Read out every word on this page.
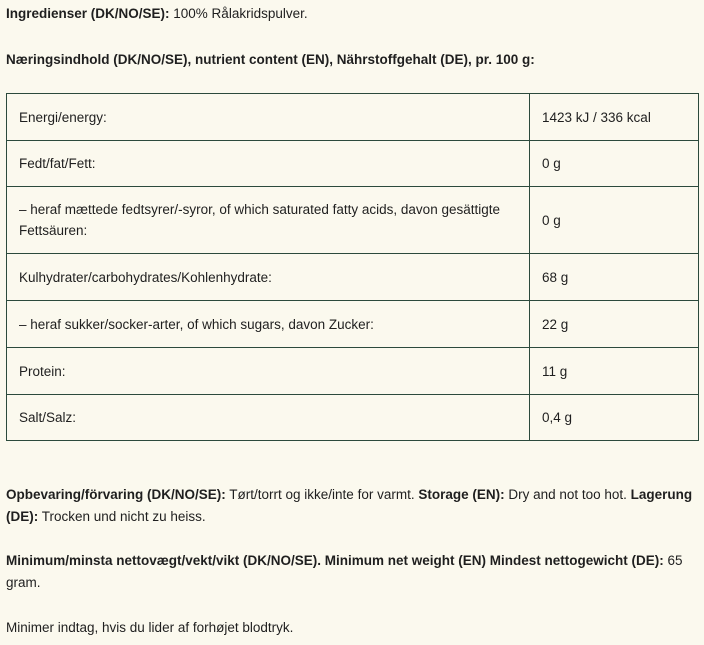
Ingredienser (DK/NO/SE): 100% Rålakridspulver.
Næringsindhold (DK/NO/SE), nutrient content (EN), Nährstoffgehalt (DE), pr. 100 g:
Energi/energy:	1423 kJ / 336 kcal
Fedt/fat/Fett:	0 g
– heraf mættede fedtsyrer/-syror, of which saturated fatty acids, davon gesättigte Fettsäuren:	0 g
Kulhydrater/carbohydrates/Kohlenhydrate:	68 g
– heraf sukker/socker-arter, of which sugars, davon Zucker:	22 g
Protein:	11 g
Salt/Salz:	0,4 g
Opbevaring/förvaring (DK/NO/SE): Tørt/torrt og ikke/inte for varmt. Storage (EN): Dry and not too hot. Lagerung (DE): Trocken und nicht zu heiss.
Minimum/minsta nettovægt/vekt/vikt (DK/NO/SE). Minimum net weight (EN) Mindest nettogewicht (DE): 65 gram.
Minimer indtag, hvis du lider af forhøjet blodtryk.
